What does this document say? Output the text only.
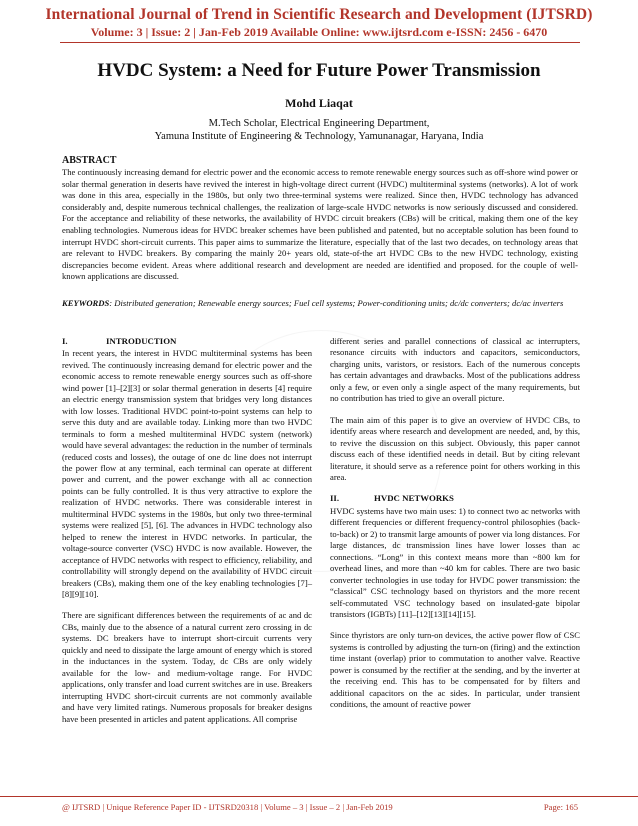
International Journal of Trend in Scientific Research and Development (IJTSRD)
Volume: 3 | Issue: 2 | Jan-Feb 2019 Available Online: www.ijtsrd.com e-ISSN: 2456 - 6470
HVDC System: a Need for Future Power Transmission
Mohd Liaqat
M.Tech Scholar, Electrical Engineering Department,
Yamuna Institute of Engineering & Technology, Yamunanagar, Haryana, India
ABSTRACT
The continuously increasing demand for electric power and the economic access to remote renewable energy sources such as off-shore wind power or solar thermal generation in deserts have revived the interest in high-voltage direct current (HVDC) multiterminal systems (networks). A lot of work was done in this area, especially in the 1980s, but only two three-terminal systems were realized. Since then, HVDC technology has advanced considerably and, despite numerous technical challenges, the realization of large-scale HVDC networks is now seriously discussed and considered. For the acceptance and reliability of these networks, the availability of HVDC circuit breakers (CBs) will be critical, making them one of the key enabling technologies. Numerous ideas for HVDC breaker schemes have been published and patented, but no acceptable solution has been found to interrupt HVDC short-circuit currents. This paper aims to summarize the literature, especially that of the last two decades, on technology areas that are relevant to HVDC breakers. By comparing the mainly 20+ years old, state-of-the art HVDC CBs to the new HVDC technology, existing discrepancies become evident. Areas where additional research and development are needed are identified and proposed. for the couple of well-known applications are discussed.
KEYWORDS: Distributed generation; Renewable energy sources; Fuel cell systems; Power-conditioning units; dc/dc converters; dc/ac inverters
I.	INTRODUCTION

In recent years, the interest in HVDC multiterminal systems has been revived. The continuously increasing demand for electric power and the economic access to remote renewable energy sources such as off-shore wind power [1]–[2][3] or solar thermal generation in deserts [4] require an electric energy transmission system that bridges very long distances with low losses. Traditional HVDC point-to-point systems can help to serve this duty and are available today. Linking more than two HVDC terminals to form a meshed multiterminal HVDC system (network) would have several advantages: the reduction in the number of terminals (reduced costs and losses), the outage of one dc line does not interrupt the power flow at any terminal, each terminal can operate at different power and current, and the power exchange with all ac connection points can be fully controlled. It is thus very attractive to explore the realization of HVDC networks. There was considerable interest in multiterminal HVDC systems in the 1980s, but only two three-terminal systems were realized [5], [6]. The advances in HVDC technology also helped to renew the interest in HVDC networks. In particular, the voltage-source converter (VSC) HVDC is now available. However, the acceptance of HVDC networks with respect to efficiency, reliability, and controllability will strongly depend on the availability of HVDC circuit breakers (CBs), making them one of the key enabling technologies [7]–[8][9][10].

There are significant differences between the requirements of ac and dc CBs, mainly due to the absence of a natural current zero crossing in dc systems. DC breakers have to interrupt short-circuit currents very quickly and need to dissipate the large amount of energy which is stored in the inductances in the system. Today, dc CBs are only widely available for the low- and medium-voltage range. For HVDC applications, only transfer and load current switches are in use. Breakers interrupting HVDC short-circuit currents are not commonly available and have very limited ratings. Numerous proposals for breaker designs have been presented in articles and patent applications. All comprise

different series and parallel connections of classical ac interrupters, resonance circuits with inductors and capacitors, semiconductors, charging units, varistors, or resistors. Each of the numerous concepts has certain advantages and drawbacks. Most of the publications address only a few, or even only a single aspect of the many requirements, but no contribution has tried to give an overall picture.

The main aim of this paper is to give an overview of HVDC CBs, to identify areas where research and development are needed, and, by this, to revive the discussion on this subject. Obviously, this paper cannot discuss each of these identified needs in detail. But by citing relevant literature, it should serve as a reference point for others working in this area.

II.	HVDC NETWORKS

HVDC systems have two main uses: 1) to connect two ac networks with different frequencies or different frequency-control philosophies (back-to-back) or 2) to transmit large amounts of power via long distances. For large distances, dc transmission lines have lower losses than ac connections. “Long” in this context means more than ~800 km for overhead lines, and more than ~40 km for cables. There are two basic converter technologies in use today for HVDC power transmission: the “classical” CSC technology based on thyristors and the more recent self-commutated VSC technology based on insulated-gate bipolar transistors (IGBTs) [11]–[12][13][14][15].

Since thyristors are only turn-on devices, the active power flow of CSC systems is controlled by adjusting the turn-on (firing) and the extinction time instant (overlap) prior to commutation to another valve. Reactive power is consumed by the rectifier at the sending, and by the inverter at the receiving end. This has to be compensated for by filters and additional capacitors on the ac sides. In particular, under transient conditions, the amount of reactive power

@ IJTSRD | Unique Reference Paper ID - IJTSRD20318 | Volume – 3 | Issue – 2 | Jan-Feb 2019	Page: 165
